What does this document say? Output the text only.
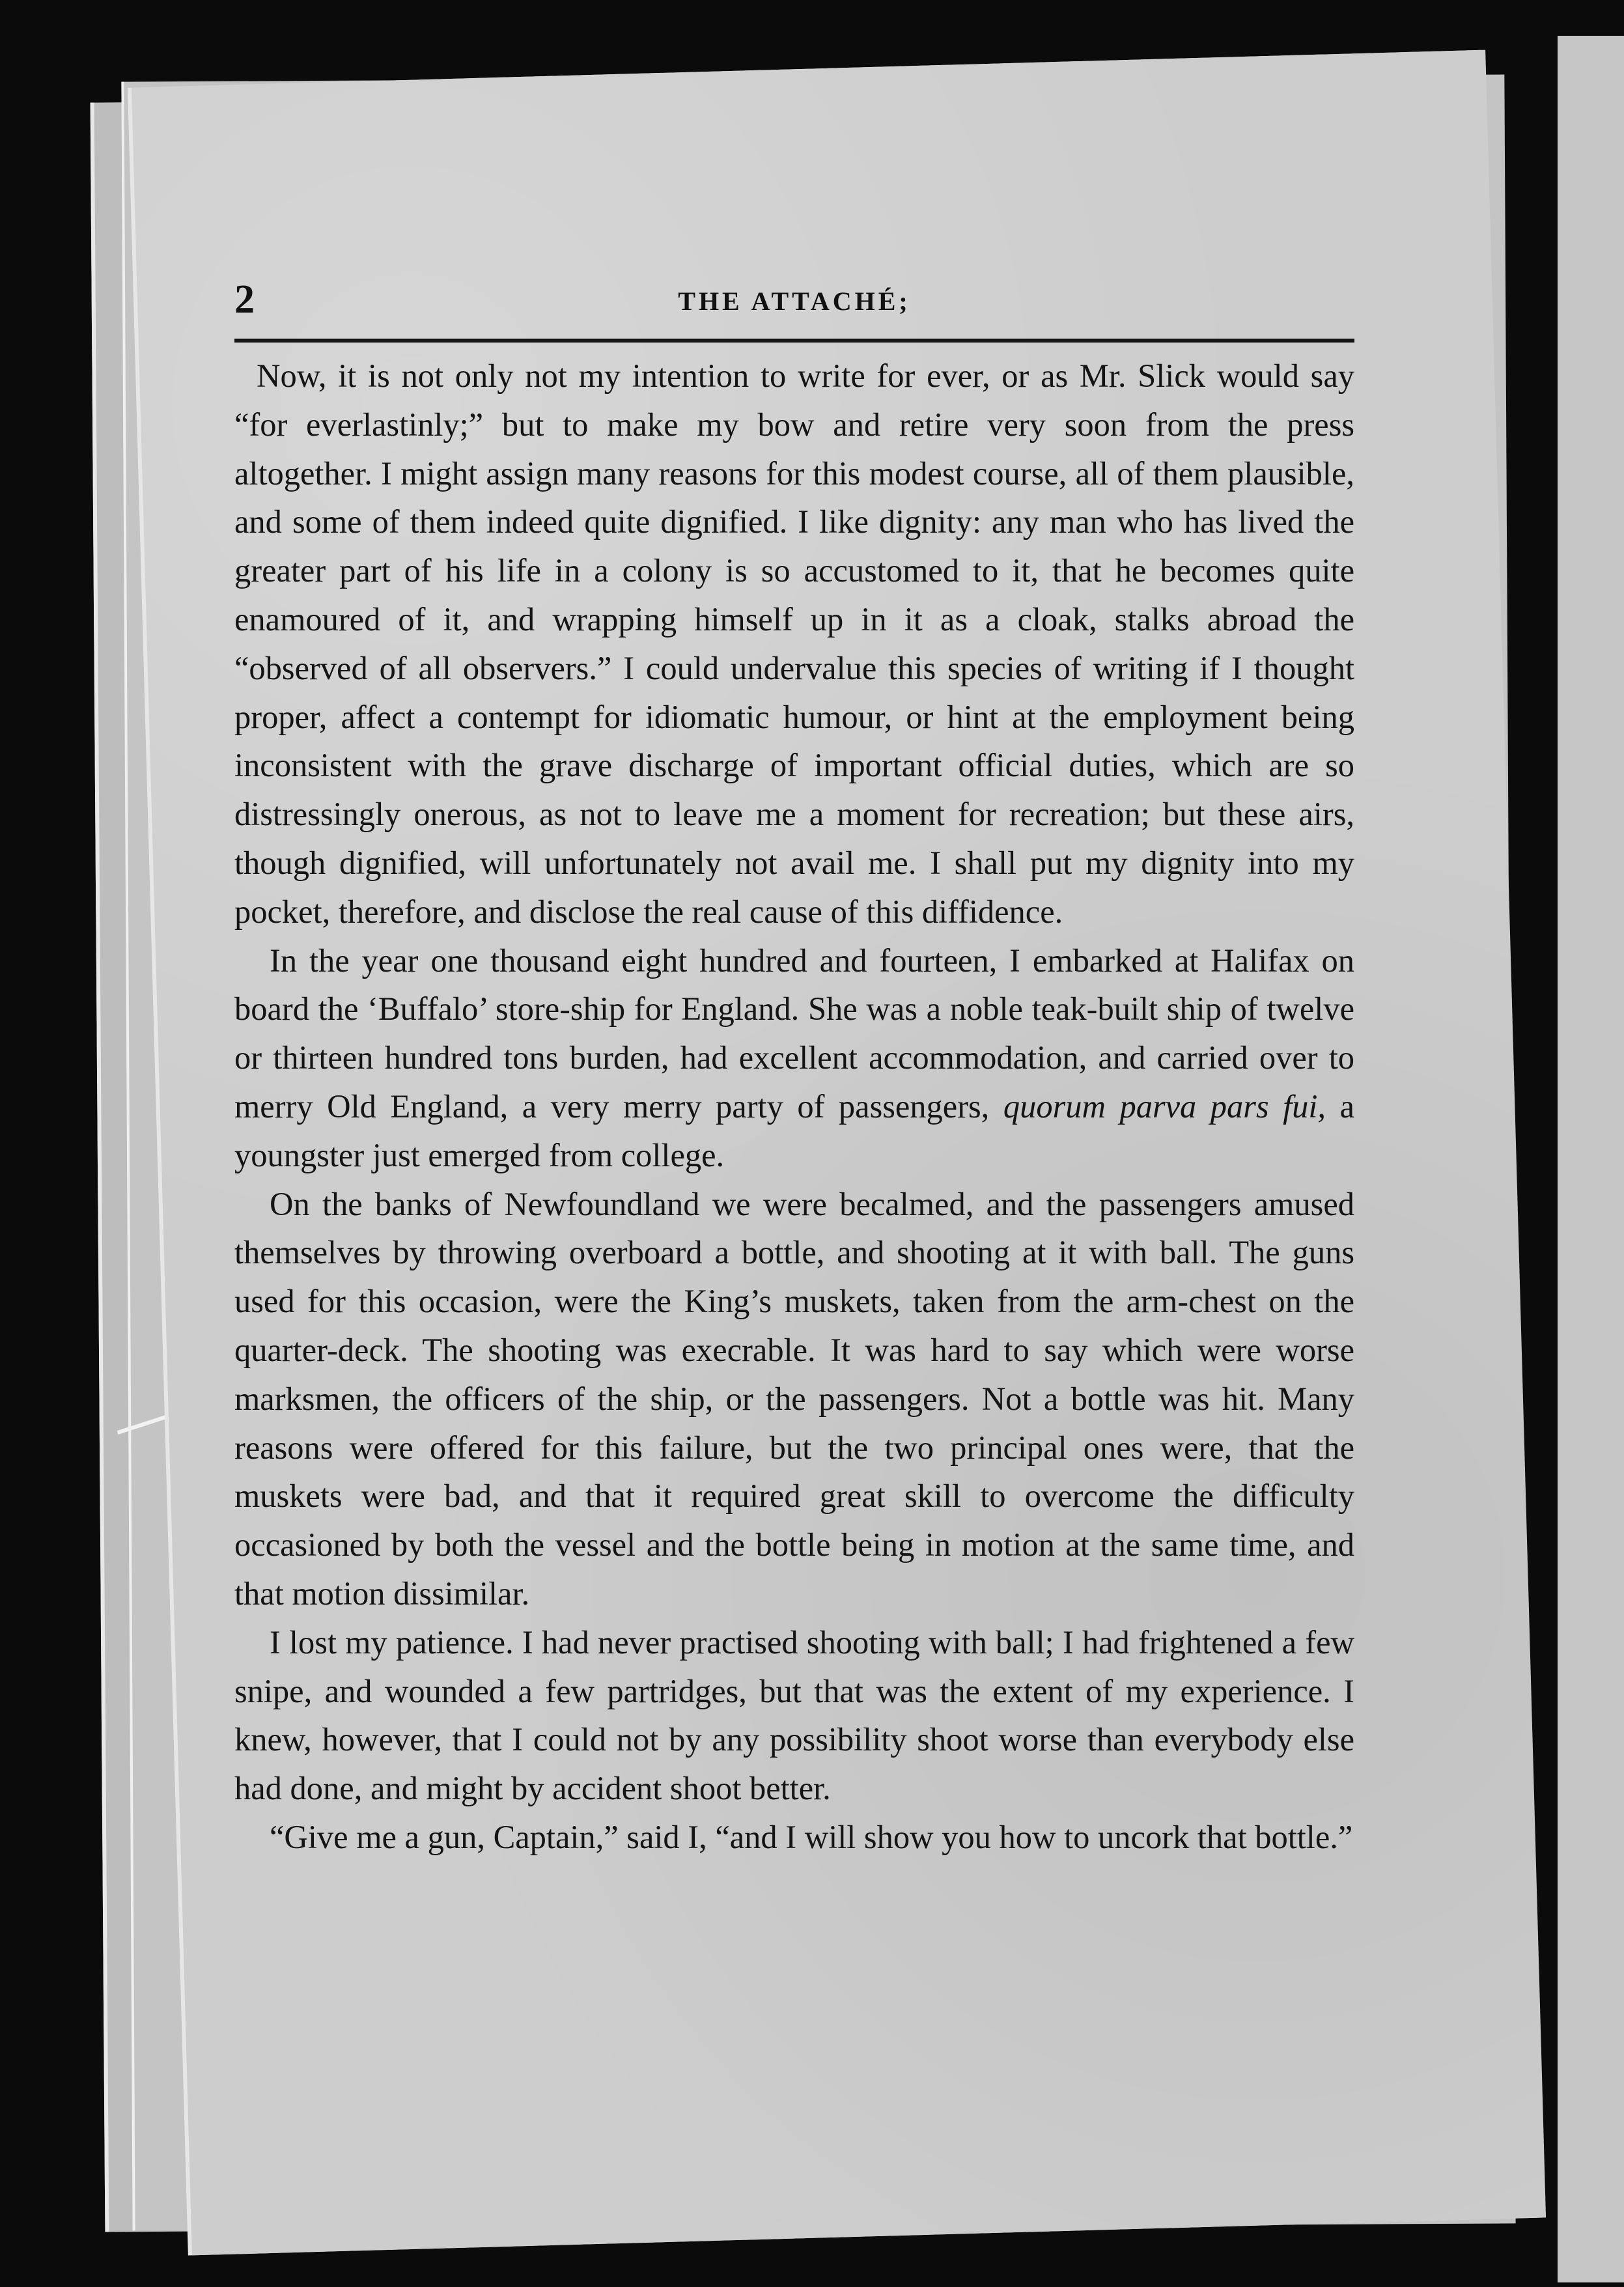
2	THE ATTACHÉ;

Now, it is not only not my intention to write for ever, or as Mr. Slick would say “for everlastinly;” but to make my bow and retire very soon from the press altogether. I might assign many reasons for this modest course, all of them plausible, and some of them indeed quite dignified. I like dignity: any man who has lived the greater part of his life in a colony is so accustomed to it, that he becomes quite enamoured of it, and wrapping himself up in it as a cloak, stalks abroad the “observed of all observers.” I could undervalue this species of writing if I thought proper, affect a contempt for idiomatic humour, or hint at the employment being inconsistent with the grave discharge of important official duties, which are so distressingly onerous, as not to leave me a moment for recreation; but these airs, though dignified, will unfortunately not avail me. I shall put my dignity into my pocket, therefore, and disclose the real cause of this diffidence.

In the year one thousand eight hundred and fourteen, I embarked at Halifax on board the ‘Buffalo’ store-ship for England. She was a noble teak-built ship of twelve or thirteen hundred tons burden, had excellent accommodation, and carried over to merry Old England, a very merry party of passengers, quorum parva pars fui, a youngster just emerged from college.

On the banks of Newfoundland we were becalmed, and the passengers amused themselves by throwing overboard a bottle, and shooting at it with ball. The guns used for this occasion, were the King’s muskets, taken from the arm-chest on the quarter-deck. The shooting was execrable. It was hard to say which were worse marksmen, the officers of the ship, or the passengers. Not a bottle was hit. Many reasons were offered for this failure, but the two principal ones were, that the muskets were bad, and that it required great skill to overcome the difficulty occasioned by both the vessel and the bottle being in motion at the same time, and that motion dissimilar.

I lost my patience. I had never practised shooting with ball; I had frightened a few snipe, and wounded a few partridges, but that was the extent of my experience. I knew, however, that I could not by any possibility shoot worse than everybody else had done, and might by accident shoot better.

“Give me a gun, Captain,” said I, “and I will show you how to uncork that bottle.”
